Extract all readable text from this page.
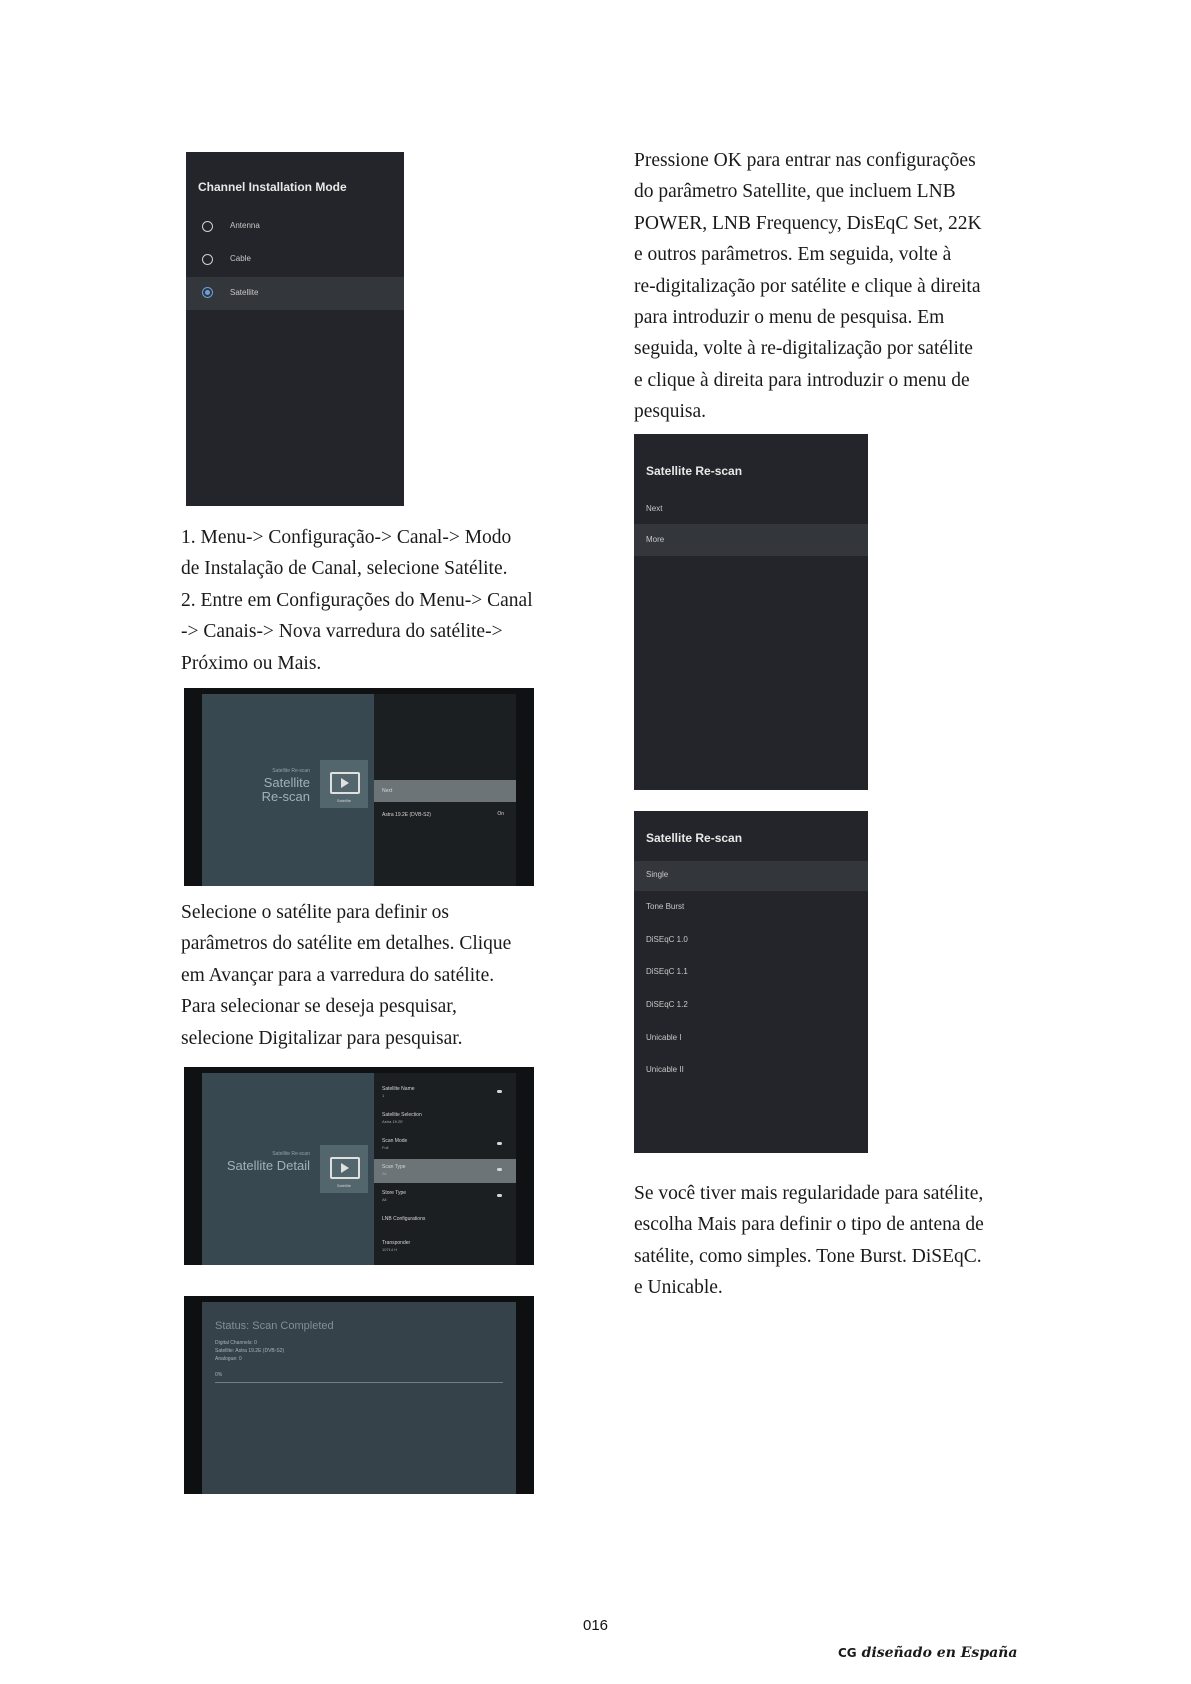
Channel Installation Mode
Antenna
Cable
Satellite
1. Menu-> Configuração-> Canal-> Modo
de Instalação de Canal, selecione Satélite.
2. Entre em Configurações do Menu-> Canal
-> Canais-> Nova varredura do satélite->
Próximo ou Mais.
Satellite Re-scan
Satellite
Re-scan	Satellite
Next
Astra 19.2E (DVB-S2)	On
Selecione o satélite para definir os
parâmetros do satélite em detalhes. Clique
em Avançar para a varredura do satélite.
Para selecionar se deseja pesquisar,
selecione Digitalizar para pesquisar.
Satellite Re-scan
Satellite Detail
Satellite
Satellite Name
1
Satellite Selection
Astra 19.2E
Scan Mode
Full
Scan Type
All
Store Type
All
LNB Configurations
Transponder
10714 H
Status: Scan Completed
Digital Channels: 0
Satellite: Astra 19.2E (DVB-S2)
Analogue: 0
0%
Pressione OK para entrar nas configurações
do parâmetro Satellite, que incluem LNB
POWER, LNB Frequency, DisEqC Set, 22K
e outros parâmetros. Em seguida, volte à
re-digitalização por satélite e clique à direita
para introduzir o menu de pesquisa. Em
seguida, volte à re-digitalização por satélite
e clique à direita para introduzir o menu de
pesquisa.
Satellite Re-scan
Next
More
Satellite Re-scan
Single
Tone Burst
DiSEqC 1.0
DiSEqC 1.1
DiSEqC 1.2
Unicable I
Unicable II
Se você tiver mais regularidade para satélite,
escolha Mais para definir o tipo de antena de
satélite, como simples. Tone Burst. DiSEqC.
e Unicable.
016
CG diseñado en España
